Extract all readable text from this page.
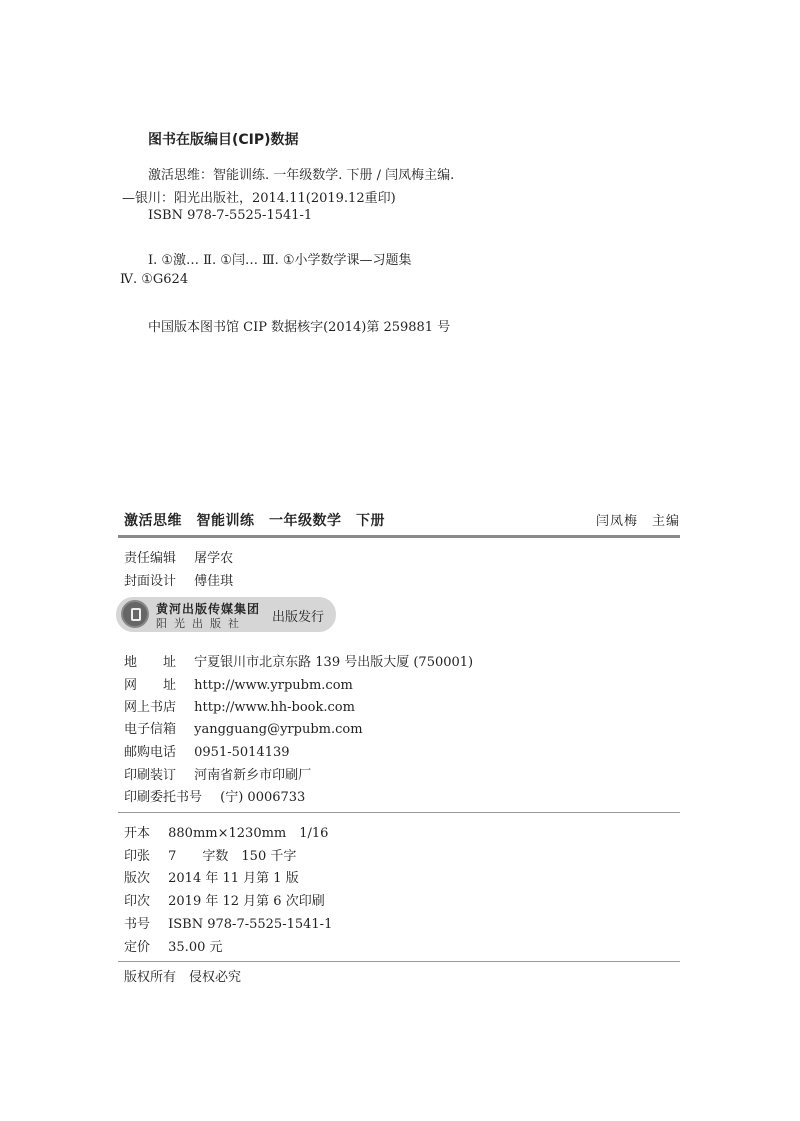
图书在版编目(CIP)数据
激活思维：智能训练. 一年级数学. 下册 / 闫凤梅主编.
—银川：阳光出版社，2014.11(2019.12重印)
ISBN 978-7-5525-1541-1
Ⅰ. ①激… Ⅱ. ①闫… Ⅲ. ①小学数学课—习题集
Ⅳ. ①G624
中国版本图书馆 CIP 数据核字(2014)第 259881 号
激活思维　智能训练　一年级数学　下册	闫凤梅　主编
责任编辑 屠学农
封面设计 傅佳琪
黄河出版传媒集团
阳光出版社 出版发行
地　　址 宁夏银川市北京东路 139 号出版大厦 (750001)
网　　址 http://www.yrpubm.com
网上书店 http://www.hh-book.com
电子信箱 yangguang@yrpubm.com
邮购电话 0951-5014139
印刷装订 河南省新乡市印刷厂
印刷委托书号 (宁) 0006733
开本 880mm×1230mm　1/16
印张 7　　字数　150 千字
版次 2014 年 11 月第 1 版
印次 2019 年 12 月第 6 次印刷
书号 ISBN 978-7-5525-1541-1
定价 35.00 元
版权所有　侵权必究
